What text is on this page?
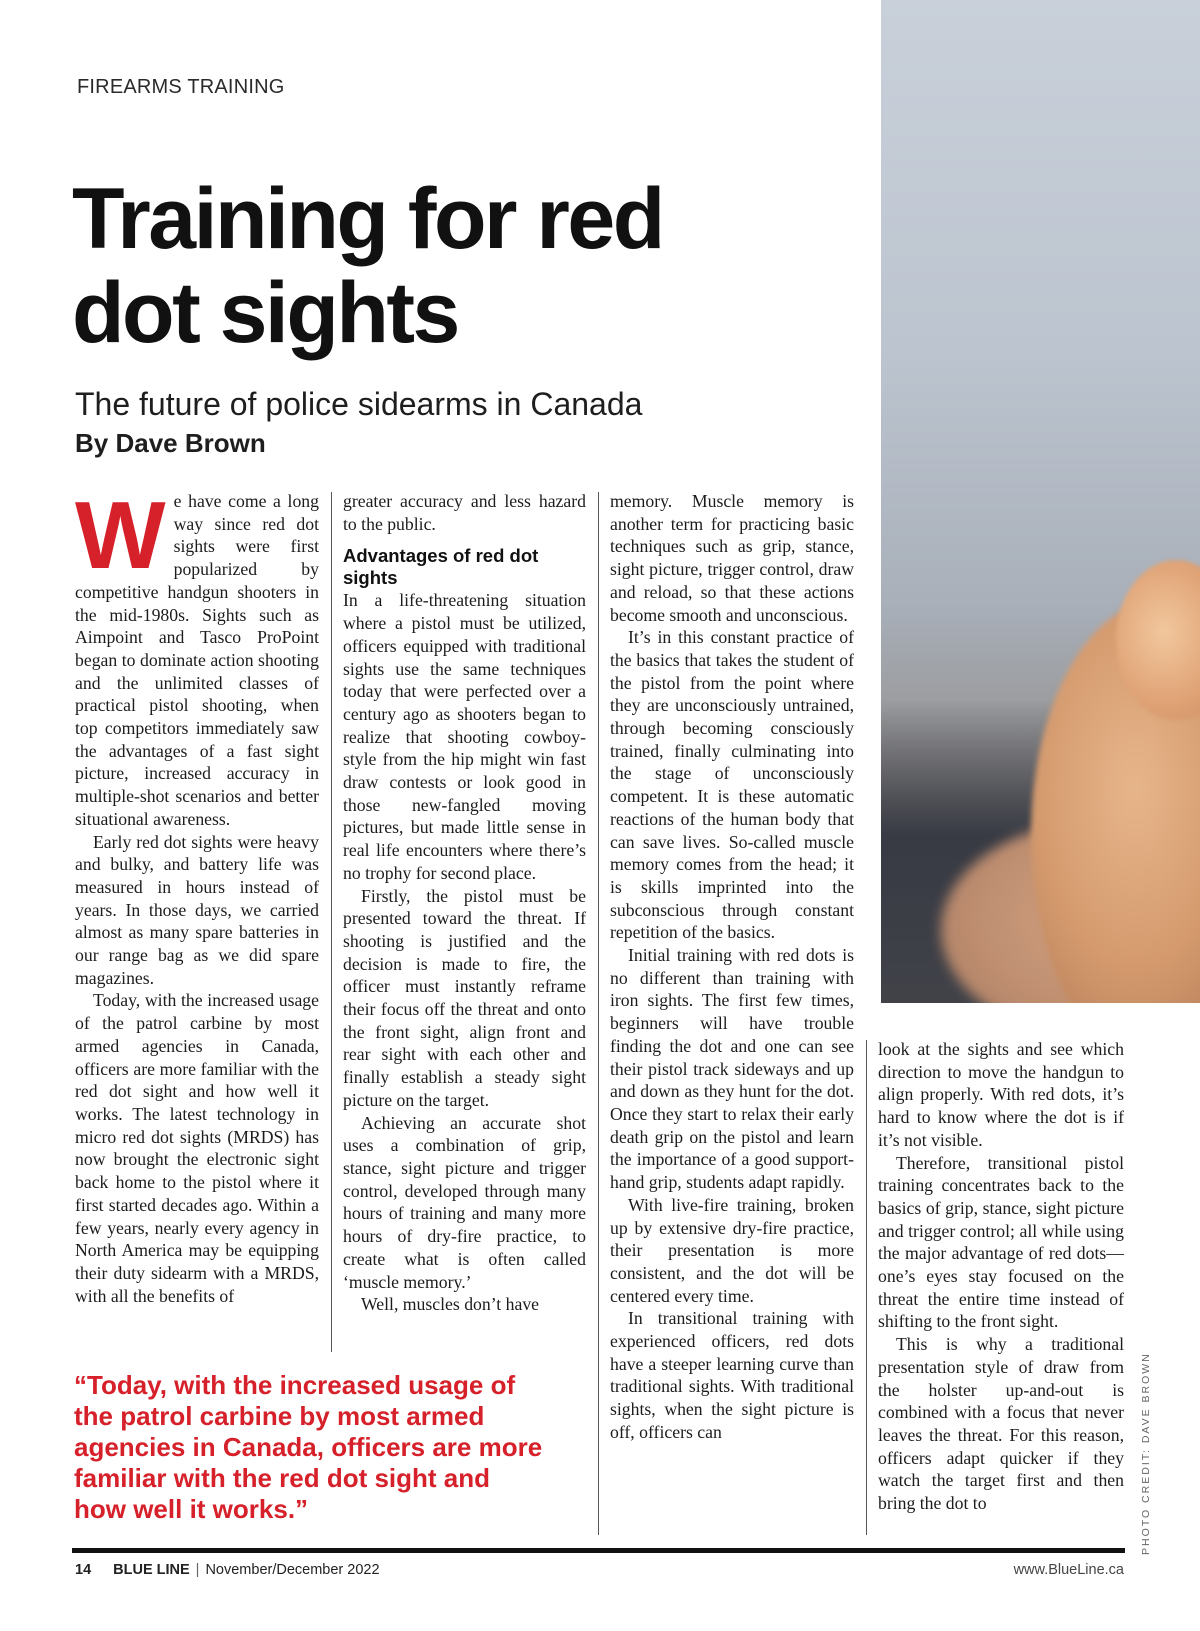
PHOTO CREDIT: DAVE BROWN
FIREARMS TRAINING
Training for red dot sights
The future of police sidearms in Canada
By Dave Brown
W e have come a long way since red dot sights were first popularized by competitive handgun shooters in the mid-1980s. Sights such as Aimpoint and Tasco ProPoint began to dominate action shooting and the unlimited classes of practical pistol shooting, when top competitors immediately saw the advantages of a fast sight picture, increased accuracy in multiple-shot scenarios and better situational awareness.

Early red dot sights were heavy and bulky, and battery life was measured in hours instead of years. In those days, we carried almost as many spare batteries in our range bag as we did spare magazines.

Today, with the increased usage of the patrol carbine by most armed agencies in Canada, officers are more familiar with the red dot sight and how well it works. The latest technology in micro red dot sights (MRDS) has now brought the electronic sight back home to the pistol where it first started decades ago. Within a few years, nearly every agency in North America may be equipping their duty sidearm with a MRDS, with all the benefits of

greater accuracy and less hazard to the public.

Advantages of red dot sights

In a life-threatening situation where a pistol must be utilized, officers equipped with traditional sights use the same techniques today that were perfected over a century ago as shooters began to realize that shooting cowboy-style from the hip might win fast draw contests or look good in those new-fangled moving pictures, but made little sense in real life encounters where there’s no trophy for second place.

Firstly, the pistol must be presented toward the threat. If shooting is justified and the decision is made to fire, the officer must instantly reframe their focus off the threat and onto the front sight, align front and rear sight with each other and finally establish a steady sight picture on the target.

Achieving an accurate shot uses a combination of grip, stance, sight picture and trigger control, developed through many hours of training and many more hours of dry-fire practice, to create what is often called ‘muscle memory.’

Well, muscles don’t have

memory. Muscle memory is another term for practicing basic techniques such as grip, stance, sight picture, trigger control, draw and reload, so that these actions become smooth and unconscious.

It’s in this constant practice of the basics that takes the student of the pistol from the point where they are unconsciously untrained, through becoming consciously trained, finally culminating into the stage of unconsciously competent. It is these automatic reactions of the human body that can save lives. So-called muscle memory comes from the head; it is skills imprinted into the subconscious through constant repetition of the basics.

Initial training with red dots is no different than training with iron sights. The first few times, beginners will have trouble finding the dot and one can see their pistol track sideways and up and down as they hunt for the dot. Once they start to relax their early death grip on the pistol and learn the importance of a good support-hand grip, students adapt rapidly.

With live-fire training, broken up by extensive dry-fire practice, their presentation is more consistent, and the dot will be centered every time.

In transitional training with experienced officers, red dots have a steeper learning curve than traditional sights. With traditional sights, when the sight picture is off, officers can

look at the sights and see which direction to move the handgun to align properly. With red dots, it’s hard to know where the dot is if it’s not visible.

Therefore, transitional pistol training concentrates back to the basics of grip, stance, sight picture and trigger control; all while using the major advantage of red dots—one’s eyes stay focused on the threat the entire time instead of shifting to the front sight.

This is why a traditional presentation style of draw from the holster up-and-out is combined with a focus that never leaves the threat. For this reason, officers adapt quicker if they watch the target first and then bring the dot to

“Today, with the increased usage of
the patrol carbine by most armed
agencies in Canada, officers are more
familiar with the red dot sight and
how well it works.”

14 BLUE LINE | November/December 2022	www.BlueLine.ca
